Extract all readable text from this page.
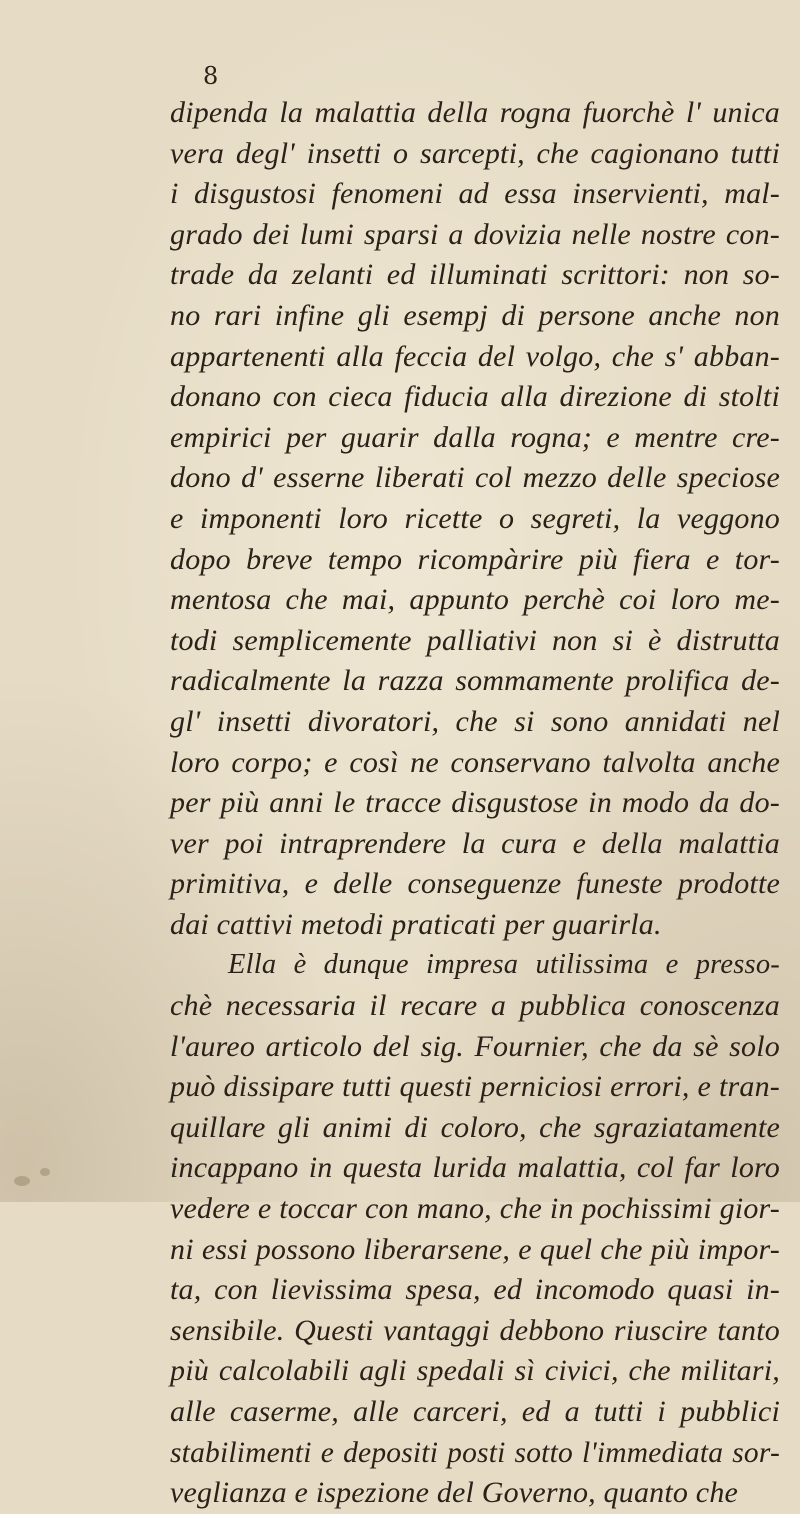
8
dipenda la malattia della rogna fuorchè l' unica
vera degl' insetti o sarcepti, che cagionano tutti
i disgustosi fenomeni ad essa inservienti, mal-
grado dei lumi sparsi a dovizia nelle nostre con-
trade da zelanti ed illuminati scrittori: non so-
no rari infine gli esempj di persone anche non
appartenenti alla feccia del volgo, che s' abban-
donano con cieca fiducia alla direzione di stolti
empirici per guarir dalla rogna; e mentre cre-
dono d' esserne liberati col mezzo delle speciose
e imponenti loro ricette o segreti, la veggono
dopo breve tempo ricompàrire più fiera e tor-
mentosa che mai, appunto perchè coi loro me-
todi semplicemente palliativi non si è distrutta
radicalmente la razza sommamente prolifica de-
gl' insetti divoratori, che si sono annidati nel
loro corpo; e così ne conservano talvolta anche
per più anni le tracce disgustose in modo da do-
ver poi intraprendere la cura e della malattia
primitiva, e delle conseguenze funeste prodotte
dai cattivi metodi praticati per guarirla.
Ella è dunque impresa utilissima e presso-
chè necessaria il recare a pubblica conoscenza
l'aureo articolo del sig. Fournier, che da sè solo
può dissipare tutti questi perniciosi errori, e tran-
quillare gli animi di coloro, che sgraziatamente
incappano in questa lurida malattia, col far loro
vedere e toccar con mano, che in pochissimi gior-
ni essi possono liberarsene, e quel che più impor-
ta, con lievissima spesa, ed incomodo quasi in-
sensibile. Questi vantaggi debbono riuscire tanto
più calcolabili agli spedali sì civici, che militari,
alle caserme, alle carceri, ed a tutti i pubblici
stabilimenti e depositi posti sotto l'immediata sor-
veglianza e ispezione del Governo, quanto che
